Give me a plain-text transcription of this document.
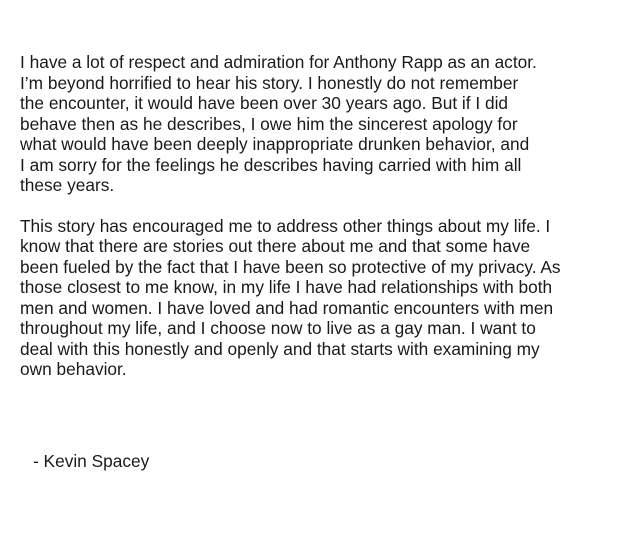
I have a lot of respect and admiration for Anthony Rapp as an actor.
I’m beyond horrified to hear his story. I honestly do not remember
the encounter, it would have been over 30 years ago. But if I did
behave then as he describes, I owe him the sincerest apology for
what would have been deeply inappropriate drunken behavior, and
I am sorry for the feelings he describes having carried with him all
these years.
This story has encouraged me to address other things about my life. I
know that there are stories out there about me and that some have
been fueled by the fact that I have been so protective of my privacy. As
those closest to me know, in my life I have had relationships with both
men and women. I have loved and had romantic encounters with men
throughout my life, and I choose now to live as a gay man. I want to
deal with this honestly and openly and that starts with examining my
own behavior.
- Kevin Spacey
